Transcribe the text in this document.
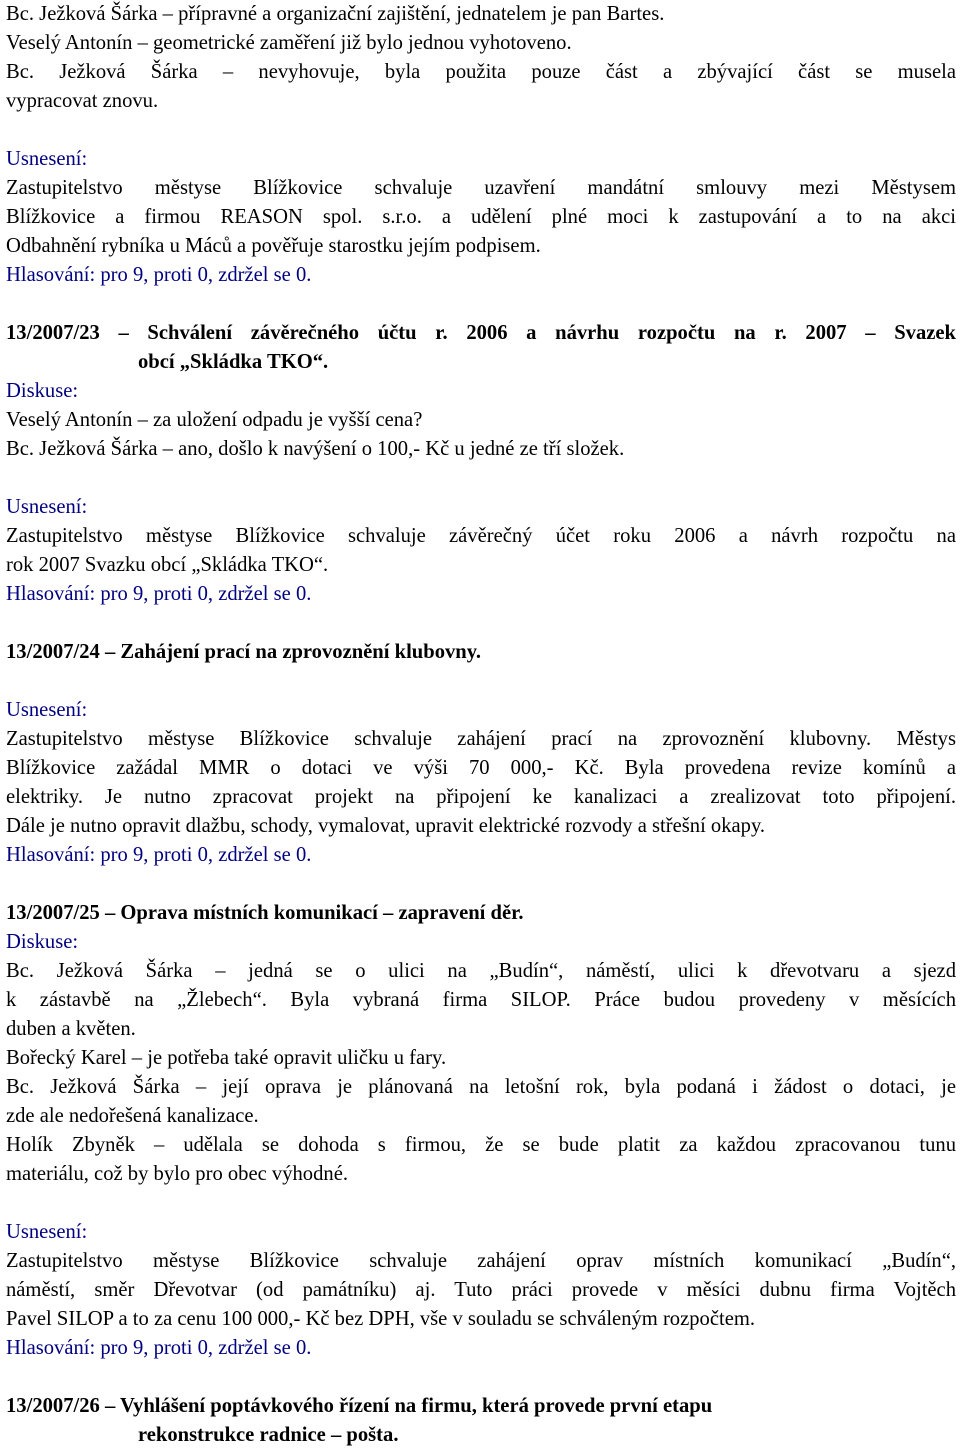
Bc. Ježková Šárka – přípravné a organizační zajištění, jednatelem je pan Bartes.
Veselý Antonín – geometrické zaměření již bylo jednou vyhotoveno.
Bc. Ježková Šárka – nevyhovuje, byla použita pouze část a zbývající část se musela
vypracovat znovu.
Usnesení:
Zastupitelstvo městyse Blížkovice schvaluje uzavření mandátní smlouvy mezi Městysem
Blížkovice a firmou REASON spol. s.r.o. a udělení plné moci k zastupování a to na akci
Odbahnění rybníka u Máců a pověřuje starostku jejím podpisem.
Hlasování: pro 9, proti 0, zdržel se 0.
13/2007/23 – Schválení závěrečného účtu r. 2006 a návrhu rozpočtu na r. 2007 – Svazek
obcí „Skládka TKO“.
Diskuse:
Veselý Antonín – za uložení odpadu je vyšší cena?
Bc. Ježková Šárka – ano, došlo k navýšení o 100,- Kč u jedné ze tří složek.
Usnesení:
Zastupitelstvo městyse Blížkovice schvaluje závěrečný účet roku 2006 a návrh rozpočtu na
rok 2007 Svazku obcí „Skládka TKO“.
Hlasování: pro 9, proti 0, zdržel se 0.
13/2007/24 – Zahájení prací na zprovoznění klubovny.
Usnesení:
Zastupitelstvo městyse Blížkovice schvaluje zahájení prací na zprovoznění klubovny. Městys
Blížkovice zažádal MMR o dotaci ve výši 70 000,- Kč. Byla provedena revize komínů a
elektriky. Je nutno zpracovat projekt na připojení ke kanalizaci a zrealizovat toto připojení.
Dále je nutno opravit dlažbu, schody, vymalovat, upravit elektrické rozvody a střešní okapy.
Hlasování: pro 9, proti 0, zdržel se 0.
13/2007/25 – Oprava místních komunikací – zapravení děr.
Diskuse:
Bc. Ježková Šárka – jedná se o ulici na „Budín“, náměstí, ulici k dřevotvaru a sjezd
k zástavbě na „Žlebech“. Byla vybraná firma SILOP. Práce budou provedeny v měsících
duben a květen.
Bořecký Karel – je potřeba také opravit uličku u fary.
Bc. Ježková Šárka – její oprava je plánovaná na letošní rok, byla podaná i žádost o dotaci, je
zde ale nedořešená kanalizace.
Holík Zbyněk – udělala se dohoda s firmou, že se bude platit za každou zpracovanou tunu
materiálu, což by bylo pro obec výhodné.
Usnesení:
Zastupitelstvo městyse Blížkovice schvaluje zahájení oprav místních komunikací „Budín“,
náměstí, směr Dřevotvar (od památníku) aj. Tuto práci provede v měsíci dubnu firma Vojtěch
Pavel SILOP a to za cenu 100 000,- Kč bez DPH, vše v souladu se schváleným rozpočtem.
Hlasování: pro 9, proti 0, zdržel se 0.
13/2007/26 – Vyhlášení poptávkového řízení na firmu, která provede první etapu
rekonstrukce radnice – pošta.
